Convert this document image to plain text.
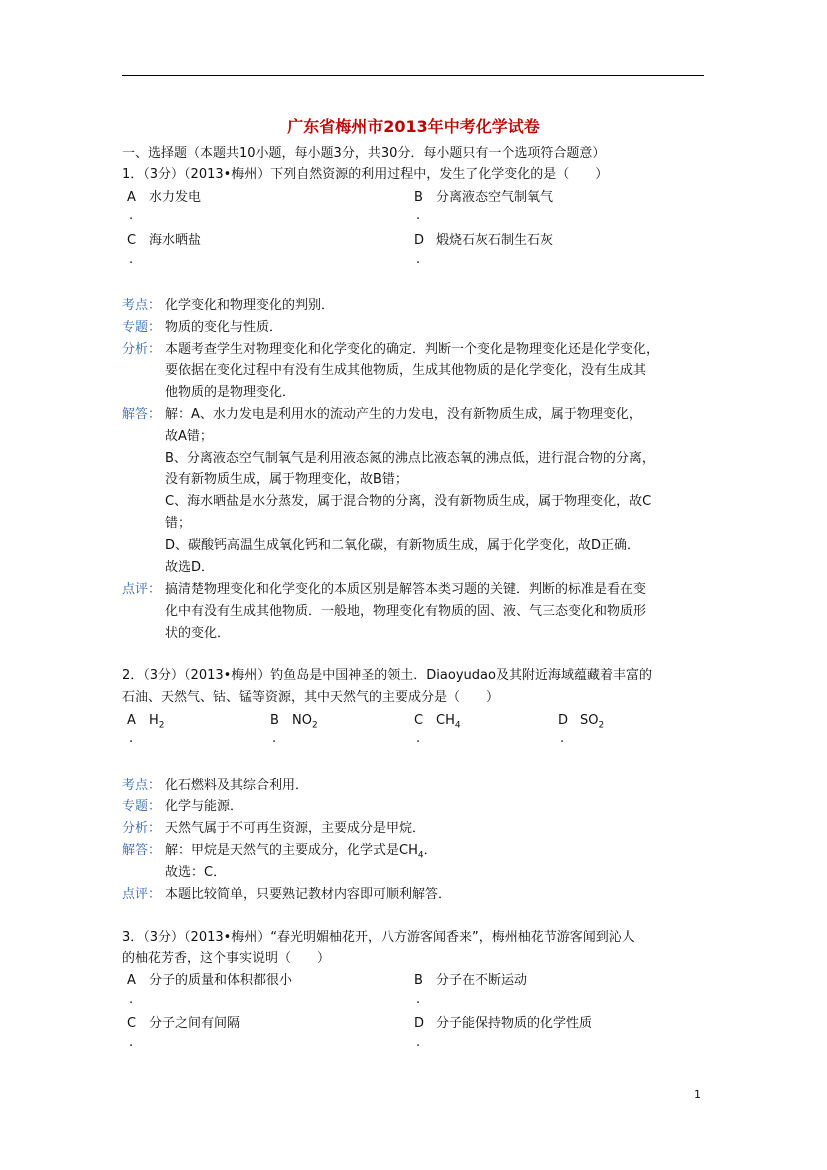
广东省梅州市2013年中考化学试卷
一、选择题（本题共10小题，每小题3分，共30分．每小题只有一个选项符合题意）
1．（3分）（2013•梅州）下列自然资源的利用过程中，发生了化学变化的是（　　）
A 水力发电
.
B 分离液态空气制氧气
.
C 海水晒盐
.
D 煅烧石灰石制生石灰
.
考点： 化学变化和物理变化的判别．
专题： 物质的变化与性质．
分析： 本题考查学生对物理变化和化学变化的确定．判断一个变化是物理变化还是化学变化，
要依据在变化过程中有没有生成其他物质，生成其他物质的是化学变化，没有生成其
他物质的是物理变化．
解答： 解：A、水力发电是利用水的流动产生的力发电，没有新物质生成，属于物理变化，
故A错；
B、分离液态空气制氧气是利用液态氮的沸点比液态氧的沸点低，进行混合物的分离，
没有新物质生成，属于物理变化，故B错；
C、海水晒盐是水分蒸发，属于混合物的分离，没有新物质生成，属于物理变化，故C
错；
D、碳酸钙高温生成氧化钙和二氧化碳，有新物质生成，属于化学变化，故D正确．
故选D．
点评： 搞清楚物理变化和化学变化的本质区别是解答本类习题的关键．判断的标准是看在变
化中有没有生成其他物质．一般地，物理变化有物质的固、液、气三态变化和物质形
状的变化．
2．（3分）（2013•梅州）钓鱼岛是中国神圣的领土．Diaoyudao及其附近海域蕴藏着丰富的
石油、天然气、钴、锰等资源，其中天然气的主要成分是（　　）
A $H_2$
.
B $NO_2$
.
C $CH_4$
.
D $SO_2$
.
考点： 化石燃料及其综合利用．
专题： 化学与能源．
分析： 天然气属于不可再生资源，主要成分是甲烷．
解答： 解：甲烷是天然气的主要成分，化学式是$CH_4$．
故选：C．
点评： 本题比较简单，只要熟记教材内容即可顺利解答．
3．（3分）（2013•梅州）“春光明媚柚花开，八方游客闻香来”，梅州柚花节游客闻到沁人
的柚花芳香，这个事实说明（　　）
A 分子的质量和体积都很小
.
B 分子在不断运动
.
C 分子之间有间隔
.
D 分子能保持物质的化学性质
.
1
